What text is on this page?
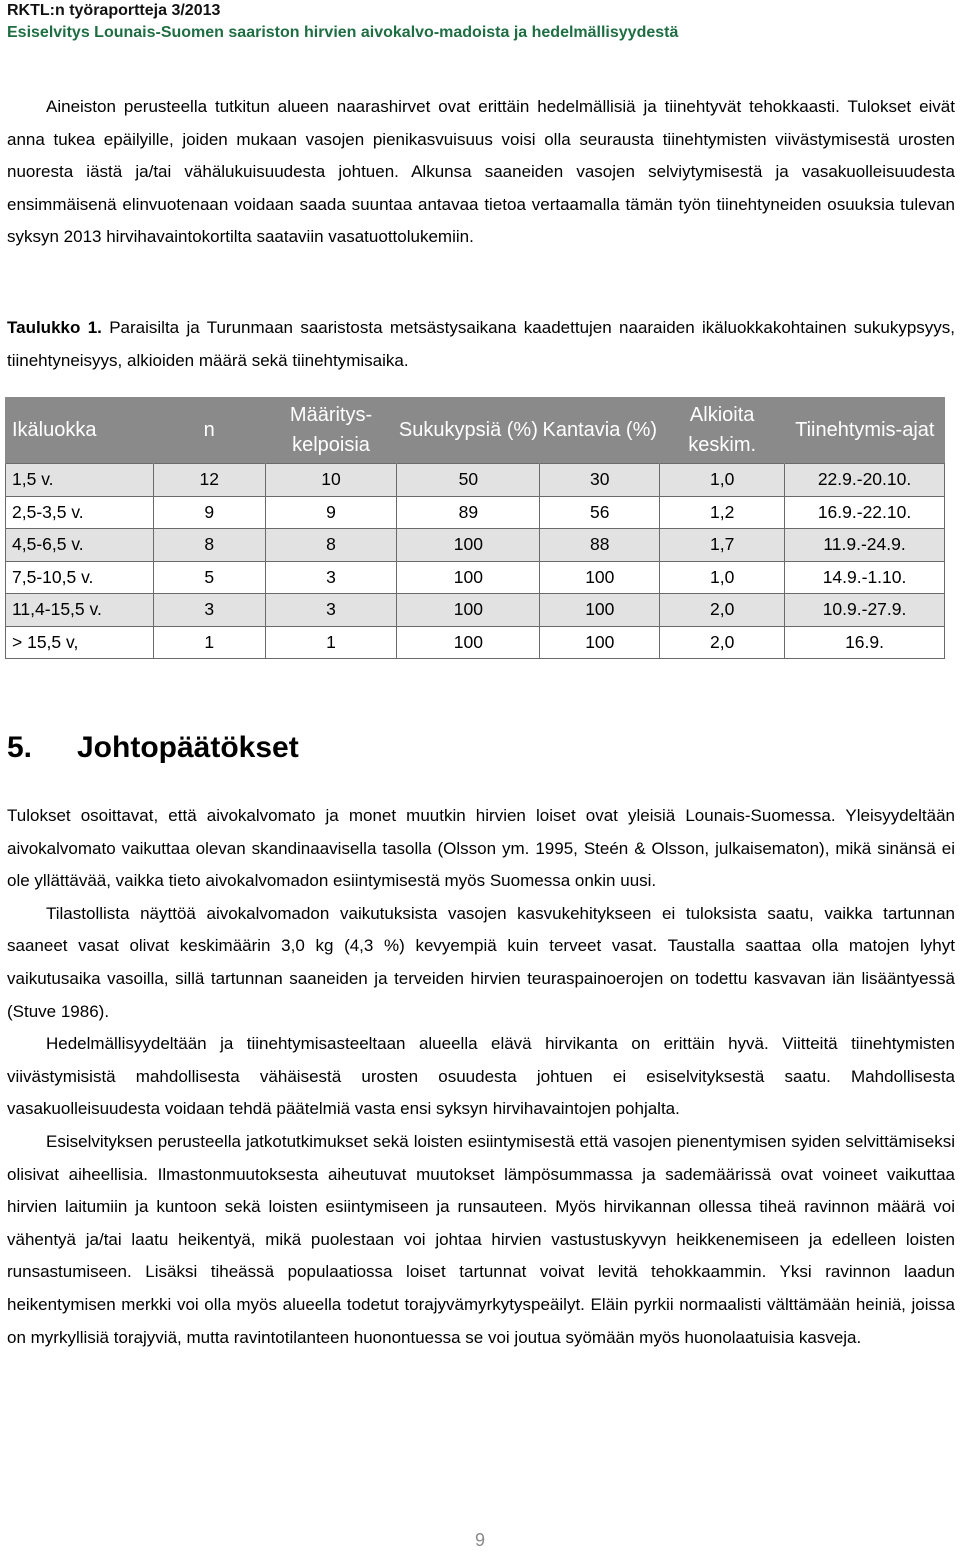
RKTL:n työraportteja 3/2013
Esiselvitys Lounais-Suomen saariston hirvien aivokalvo-madoista ja hedelmällisyydestä

Aineiston perusteella tutkitun alueen naarashirvet ovat erittäin hedelmällisiä ja tiinehtyvät tehokkaasti. Tulokset eivät anna tukea epäilyille, joiden mukaan vasojen pienikasvuisuus voisi olla seurausta tiinehtymisten viivästymisestä urosten nuoresta iästä ja/tai vähälukuisuudesta johtuen. Alkunsa saaneiden vasojen selviytymisestä ja vasakuolleisuudesta ensimmäisenä elinvuotenaan voidaan saada suuntaa antavaa tietoa vertaamalla tämän työn tiinehtyneiden osuuksia tulevan syksyn 2013 hirvihavaintokortilta saataviin vasatuottolukemiin.

Taulukko 1. Paraisilta ja Turunmaan saaristosta metsästysaikana kaadettujen naaraiden ikäluokkakohtainen sukukypsyys, tiinehtyneisyys, alkioiden määrä sekä tiinehtymisaika.

Ikäluokka	n	Määritys-kelpoisia	Sukukypsiä (%)	Kantavia (%)	Alkioita keskim.	Tiinehtymis-ajat
1,5 v.	12	10	50	30	1,0	22.9.-20.10.
2,5-3,5 v.	9	9	89	56	1,2	16.9.-22.10.
4,5-6,5 v.	8	8	100	88	1,7	11.9.-24.9.
7,5-10,5 v.	5	3	100	100	1,0	14.9.-1.10.
11,4-15,5 v.	3	3	100	100	2,0	10.9.-27.9.
> 15,5 v,	1	1	100	100	2,0	16.9.
5. Johtopäätökset

Tulokset osoittavat, että aivokalvomato ja monet muutkin hirvien loiset ovat yleisiä Lounais-Suomessa. Yleisyydeltään aivokalvomato vaikuttaa olevan skandinaavisella tasolla (Olsson ym. 1995, Steén & Olsson, julkaisematon), mikä sinänsä ei ole yllättävää, vaikka tieto aivokalvomadon esiintymisestä myös Suomessa onkin uusi.

Tilastollista näyttöä aivokalvomadon vaikutuksista vasojen kasvukehitykseen ei tuloksista saatu, vaikka tartunnan saaneet vasat olivat keskimäärin 3,0 kg (4,3 %) kevyempiä kuin terveet vasat. Taustalla saattaa olla matojen lyhyt vaikutusaika vasoilla, sillä tartunnan saaneiden ja terveiden hirvien teuraspainoerojen on todettu kasvavan iän lisääntyessä (Stuve 1986).

Hedelmällisyydeltään ja tiinehtymisasteeltaan alueella elävä hirvikanta on erittäin hyvä. Viitteitä tiinehtymisten viivästymisistä mahdollisesta vähäisestä urosten osuudesta johtuen ei esiselvityksestä saatu. Mahdollisesta vasakuolleisuudesta voidaan tehdä päätelmiä vasta ensi syksyn hirvihavaintojen pohjalta.

Esiselvityksen perusteella jatkotutkimukset sekä loisten esiintymisestä että vasojen pienentymisen syiden selvittämiseksi olisivat aiheellisia. Ilmastonmuutoksesta aiheutuvat muutokset lämpösummassa ja sademäärissä ovat voineet vaikuttaa hirvien laitumiin ja kuntoon sekä loisten esiintymiseen ja runsauteen. Myös hirvikannan ollessa tiheä ravinnon määrä voi vähentyä ja/tai laatu heikentyä, mikä puolestaan voi johtaa hirvien vastustuskyvyn heikkenemiseen ja edelleen loisten runsastumiseen. Lisäksi tiheässä populaatiossa loiset tartunnat voivat levitä tehokkaammin. Yksi ravinnon laadun heikentymisen merkki voi olla myös alueella todetut torajyvämyrkytyspeäilyt. Eläin pyrkii normaalisti välttämään heiniä, joissa on myrkyllisiä torajyviä, mutta ravintotilanteen huonontuessa se voi joutua syömään myös huonolaatuisia kasveja.

9
